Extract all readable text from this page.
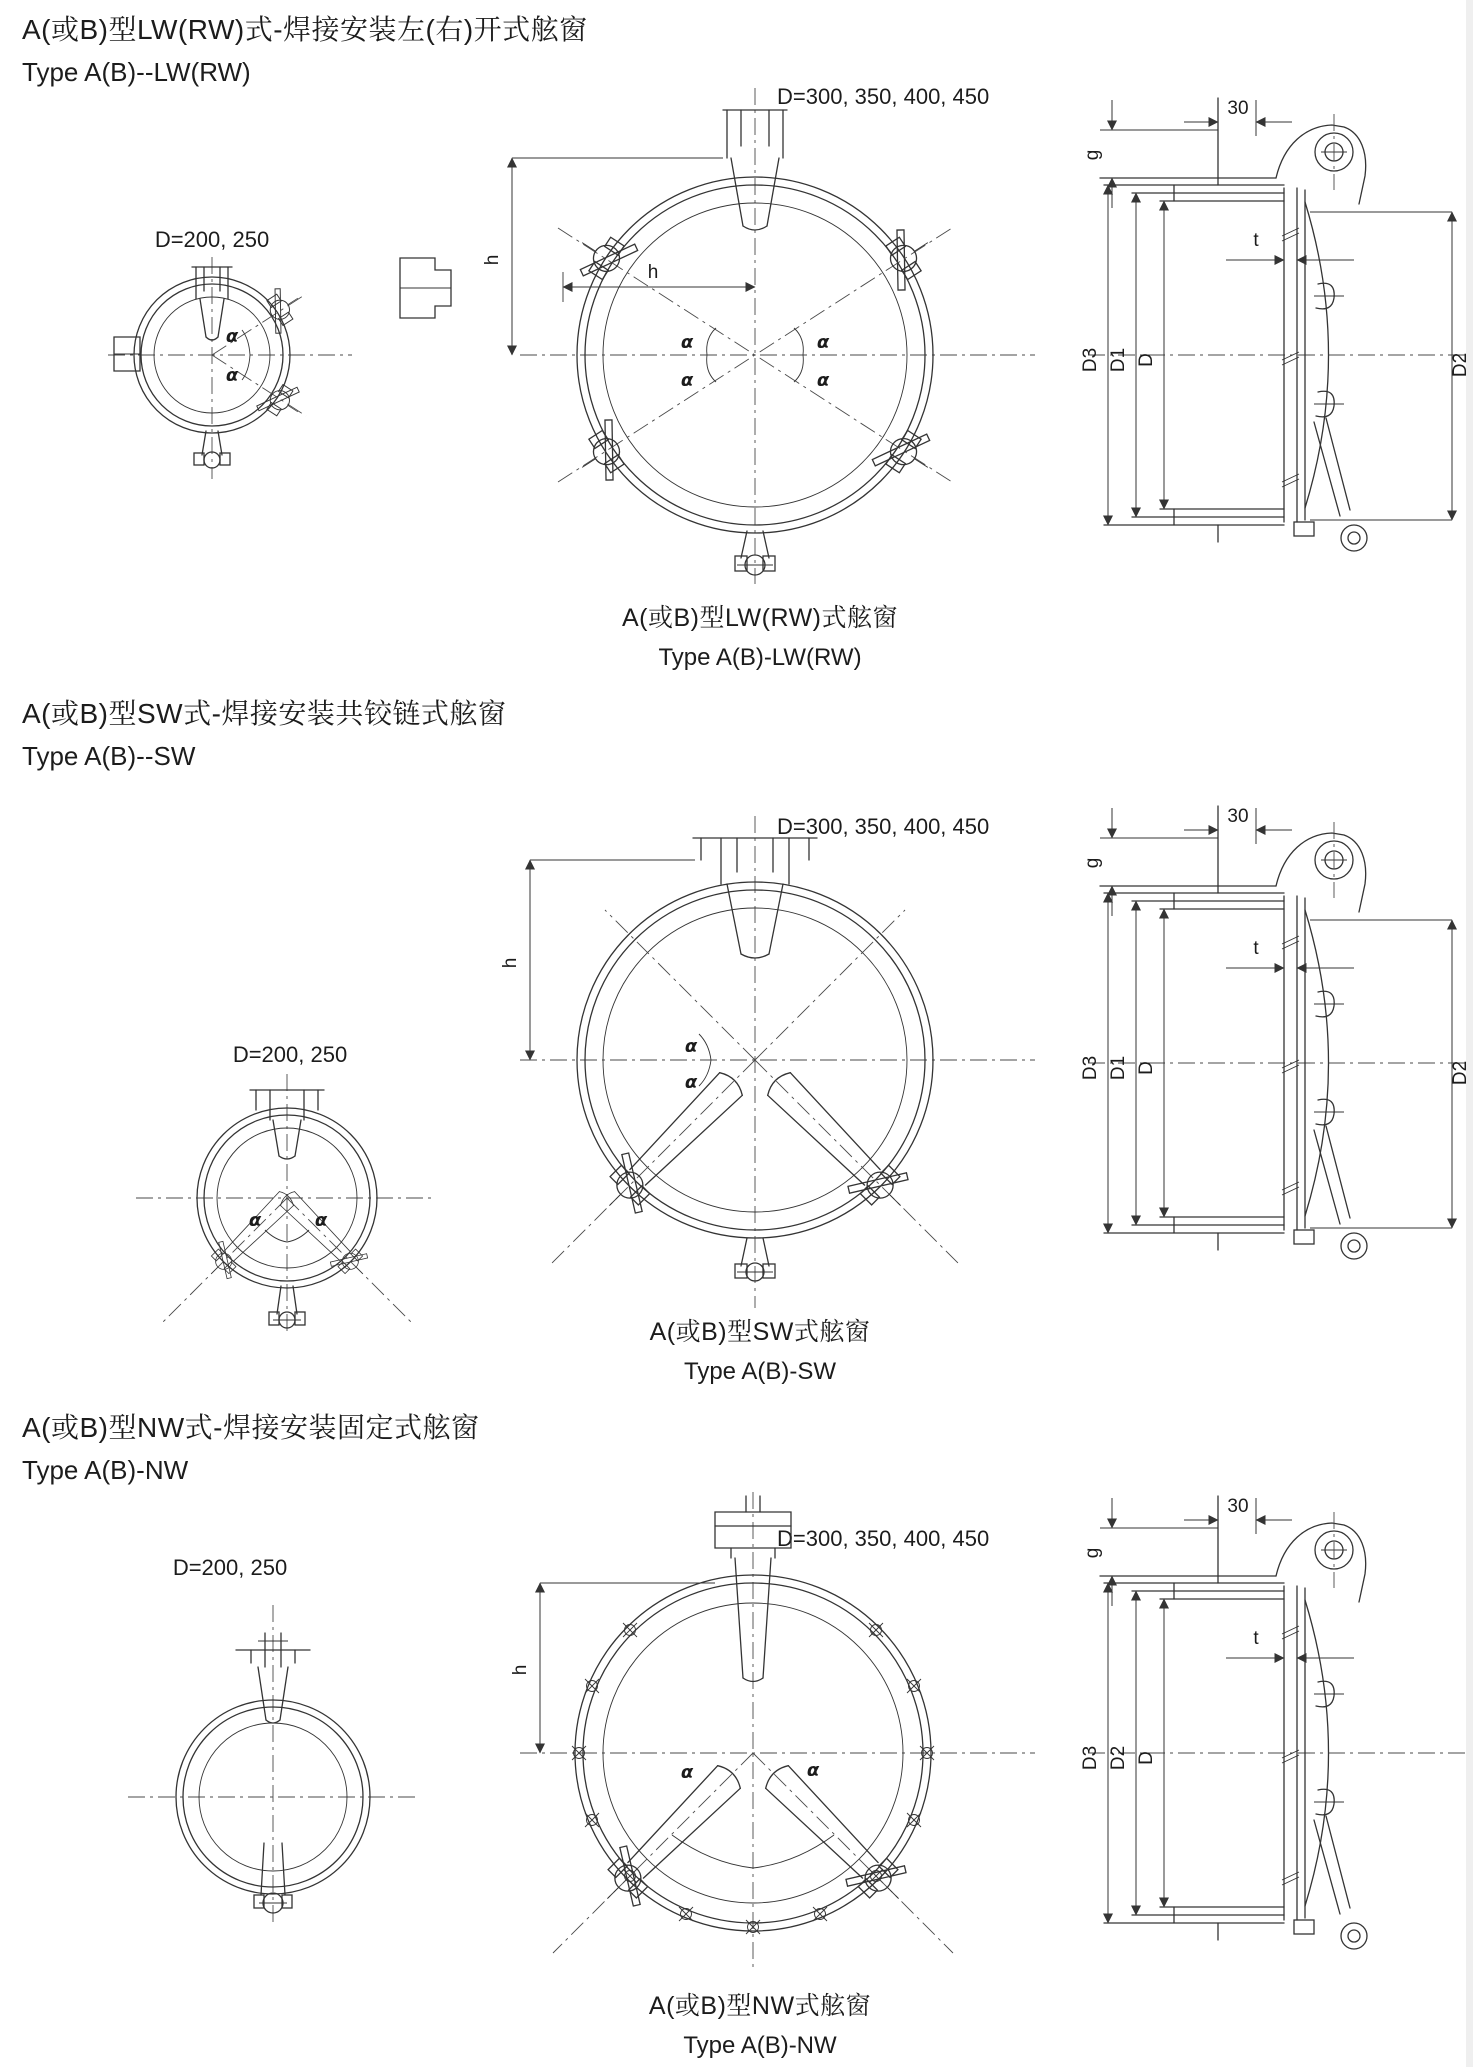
A(或B)型LW(RW)式-焊接安装左(右)开式舷窗
Type A(B)--LW(RW)
D=200, 250
α
α
D=300, 350, 400, 450
h
h
α
α
α
α
g
30
t
D3 D1 D	D2
A(或B)型LW(RW)式舷窗
Type A(B)-LW(RW)
A(或B)型SW式-焊接安装共铰链式舷窗
Type A(B)--SW
D=200, 250
α	α
D=300, 350, 400, 450
h
α
α
g
30
t
D3 D1 D	D2
A(或B)型SW式舷窗
Type A(B)-SW
A(或B)型NW式-焊接安装固定式舷窗
Type A(B)-NW
D=200, 250
D=300, 350, 400, 450
h
α	α
g
30
t
D3 D2 D
A(或B)型NW式舷窗
Type A(B)-NW
